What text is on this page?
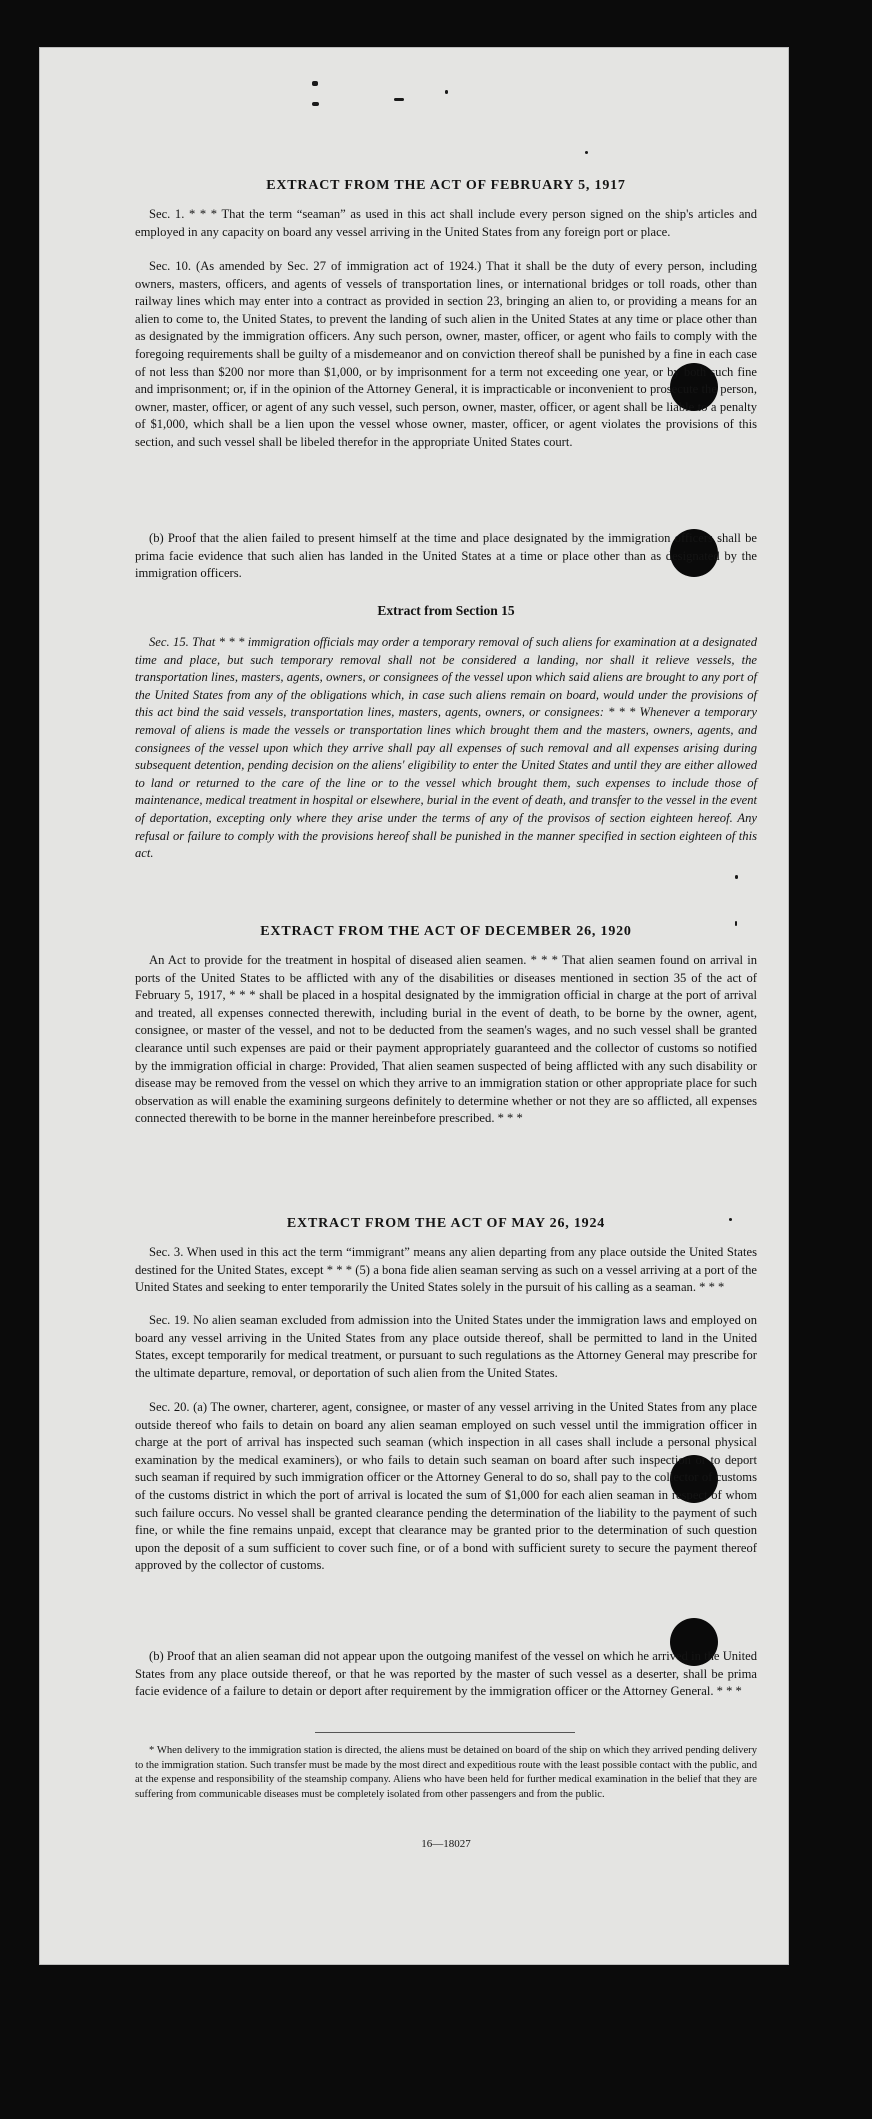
EXTRACT FROM THE ACT OF FEBRUARY 5, 1917

Sec. 1. * * * That the term “seaman” as used in this act shall include every person signed on the ship's articles and employed in any capacity on board any vessel arriving in the United States from any foreign port or place.

Sec. 10. (As amended by Sec. 27 of immigration act of 1924.) That it shall be the duty of every person, including owners, masters, officers, and agents of vessels of transportation lines, or international bridges or toll roads, other than railway lines which may enter into a contract as provided in section 23, bringing an alien to, or providing a means for an alien to come to, the United States, to prevent the landing of such alien in the United States at any time or place other than as designated by the immigration officers. Any such person, owner, master, officer, or agent who fails to comply with the foregoing requirements shall be guilty of a misdemeanor and on conviction thereof shall be punished by a fine in each case of not less than $200 nor more than $1,000, or by imprisonment for a term not exceeding one year, or by both such fine and imprisonment; or, if in the opinion of the Attorney General, it is impracticable or inconvenient to prosecute the person, owner, master, officer, or agent of any such vessel, such person, owner, master, officer, or agent shall be liable to a penalty of $1,000, which shall be a lien upon the vessel whose owner, master, officer, or agent violates the provisions of this section, and such vessel shall be libeled therefor in the appropriate United States court.

(b) Proof that the alien failed to present himself at the time and place designated by the immigration officers shall be prima facie evidence that such alien has landed in the United States at a time or place other than as designated by the immigration officers.

Extract from Section 15

Sec. 15. That * * * immigration officials may order a temporary removal of such aliens for examination at a designated time and place, but such temporary removal shall not be considered a landing, nor shall it relieve vessels, the transportation lines, masters, agents, owners, or consignees of the vessel upon which said aliens are brought to any port of the United States from any of the obligations which, in case such aliens remain on board, would under the provisions of this act bind the said vessels, transportation lines, masters, agents, owners, or consignees: * * * Whenever a temporary removal of aliens is made the vessels or transportation lines which brought them and the masters, owners, agents, and consignees of the vessel upon which they arrive shall pay all expenses of such removal and all expenses arising during subsequent detention, pending decision on the aliens' eligibility to enter the United States and until they are either allowed to land or returned to the care of the line or to the vessel which brought them, such expenses to include those of maintenance, medical treatment in hospital or elsewhere, burial in the event of death, and transfer to the vessel in the event of deportation, excepting only where they arise under the terms of any of the provisos of section eighteen hereof. Any refusal or failure to comply with the provisions hereof shall be punished in the manner specified in section eighteen of this act.

EXTRACT FROM THE ACT OF DECEMBER 26, 1920

An Act to provide for the treatment in hospital of diseased alien seamen. * * * That alien seamen found on arrival in ports of the United States to be afflicted with any of the disabilities or diseases mentioned in section 35 of the act of February 5, 1917, * * * shall be placed in a hospital designated by the immigration official in charge at the port of arrival and treated, all expenses connected therewith, including burial in the event of death, to be borne by the owner, agent, consignee, or master of the vessel, and not to be deducted from the seamen's wages, and no such vessel shall be granted clearance until such expenses are paid or their payment appropriately guaranteed and the collector of customs so notified by the immigration official in charge: Provided, That alien seamen suspected of being afflicted with any such disability or disease may be removed from the vessel on which they arrive to an immigration station or other appropriate place for such observation as will enable the examining surgeons definitely to determine whether or not they are so afflicted, all expenses connected therewith to be borne in the manner hereinbefore prescribed. * * *

EXTRACT FROM THE ACT OF MAY 26, 1924

Sec. 3. When used in this act the term “immigrant” means any alien departing from any place outside the United States destined for the United States, except * * * (5) a bona fide alien seaman serving as such on a vessel arriving at a port of the United States and seeking to enter temporarily the United States solely in the pursuit of his calling as a seaman. * * *

Sec. 19. No alien seaman excluded from admission into the United States under the immigration laws and employed on board any vessel arriving in the United States from any place outside thereof, shall be permitted to land in the United States, except temporarily for medical treatment, or pursuant to such regulations as the Attorney General may prescribe for the ultimate departure, removal, or deportation of such alien from the United States.

Sec. 20. (a) The owner, charterer, agent, consignee, or master of any vessel arriving in the United States from any place outside thereof who fails to detain on board any alien seaman employed on such vessel until the immigration officer in charge at the port of arrival has inspected such seaman (which inspection in all cases shall include a personal physical examination by the medical examiners), or who fails to detain such seaman on board after such inspection or to deport such seaman if required by such immigration officer or the Attorney General to do so, shall pay to the collector of customs of the customs district in which the port of arrival is located the sum of $1,000 for each alien seaman in respect of whom such failure occurs. No vessel shall be granted clearance pending the determination of the liability to the payment of such fine, or while the fine remains unpaid, except that clearance may be granted prior to the determination of such question upon the deposit of a sum sufficient to cover such fine, or of a bond with sufficient surety to secure the payment thereof approved by the collector of customs.

(b) Proof that an alien seaman did not appear upon the outgoing manifest of the vessel on which he arrived in the United States from any place outside thereof, or that he was reported by the master of such vessel as a deserter, shall be prima facie evidence of a failure to detain or deport after requirement by the immigration officer or the Attorney General. * * *

* When delivery to the immigration station is directed, the aliens must be detained on board of the ship on which they arrived pending delivery to the immigration station. Such transfer must be made by the most direct and expeditious route with the least possible contact with the public, and at the expense and responsibility of the steamship company. Aliens who have been held for further medical examination in the belief that they are suffering from communicable diseases must be completely isolated from other passengers and from the public.

16—18027
